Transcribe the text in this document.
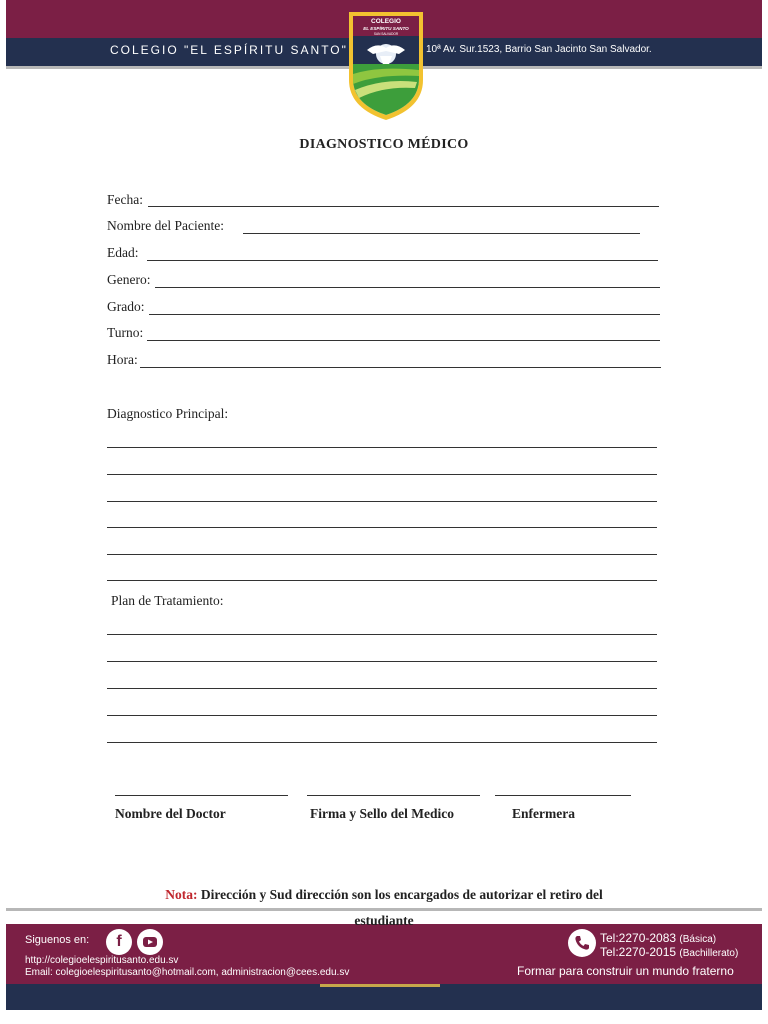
COLEGIO "EL ESPÍRITU SANTO"	10ª Av. Sur.1523, Barrio San Jacinto San Salvador.
COLEGIO
EL ESPÍRITU SANTO
SAN SALVADOR
DIAGNOSTICO MÉDICO
Fecha:
Nombre del Paciente:
Edad:
Genero:
Grado:
Turno:
Hora:
Diagnostico Principal:
Plan de Tratamiento:
Nombre del Doctor	Firma y Sello del Medico	Enfermera
Nota: Dirección y Sud dirección son los encargados de autorizar el retiro del
estudiante
Siguenos en:	f
http://colegioelespiritusanto.edu.sv
Email: colegioelespiritusanto@hotmail.com, administracion@cees.edu.sv
Tel:2270-2083 (Básica)
Tel:2270-2015 (Bachillerato)
Formar para construir un mundo fraterno
